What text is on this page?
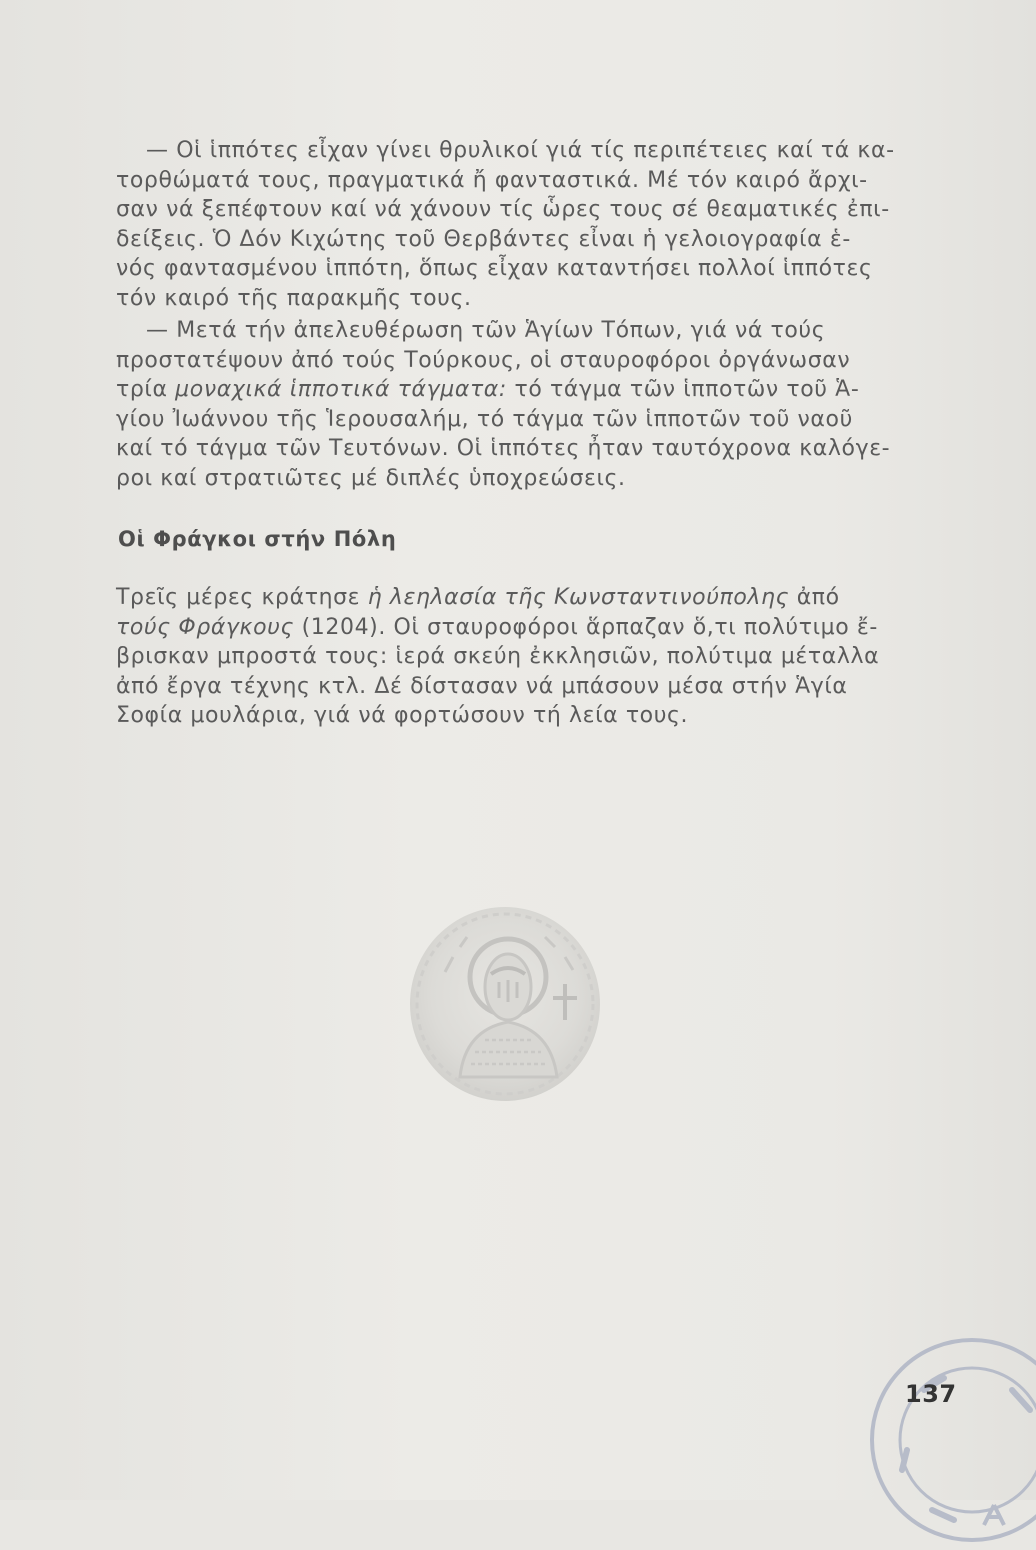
— Οἱ ἱππότες εἶχαν γίνει θρυλικοί γιά τίς περιπέτειες καί τά κα-
τορθώματά τους, πραγματικά ἤ φανταστικά. Μέ τόν καιρό ἄρχι-
σαν νά ξεπέφτουν καί νά χάνουν τίς ὧρες τους σέ θεαματικές ἐπι-
δείξεις. Ὁ Δόν Κιχώτης τοῦ Θερβάντες εἶναι ἡ γελοιογραφία ἑ-
νός φαντασμένου ἱππότη, ὅπως εἶχαν καταντήσει πολλοί ἱππότες
τόν καιρό τῆς παρακμῆς τους.

— Μετά τήν ἀπελευθέρωση τῶν Ἁγίων Τόπων, γιά νά τούς
προστατέψουν ἀπό τούς Τούρκους, οἱ σταυροφόροι ὀργάνωσαν
τρία μοναχικά ἱπποτικά τάγματα: τό τάγμα τῶν ἱπποτῶν τοῦ Ἁ-
γίου Ἰωάννου τῆς Ἱερουσαλήμ, τό τάγμα τῶν ἱπποτῶν τοῦ ναοῦ
καί τό τάγμα τῶν Τευτόνων. Οἱ ἱππότες ἦταν ταυτόχρονα καλόγε-
ροι καί στρατιῶτες μέ διπλές ὑποχρεώσεις.

Οἱ Φράγκοι στήν Πόλη

Τρεῖς μέρες κράτησε ἡ λεηλασία τῆς Κωνσταντινούπολης ἀπό
τούς Φράγκους (1204). Οἱ σταυροφόροι ἅρπαζαν ὅ,τι πολύτιμο ἔ-
βρισκαν μπροστά τους: ἱερά σκεύη ἐκκλησιῶν, πολύτιμα μέταλλα
ἀπό ἔργα τέχνης κτλ. Δέ δίστασαν νά μπάσουν μέσα στήν Ἁγία
Σοφία μουλάρια, γιά νά φορτώσουν τή λεία τους.

137
